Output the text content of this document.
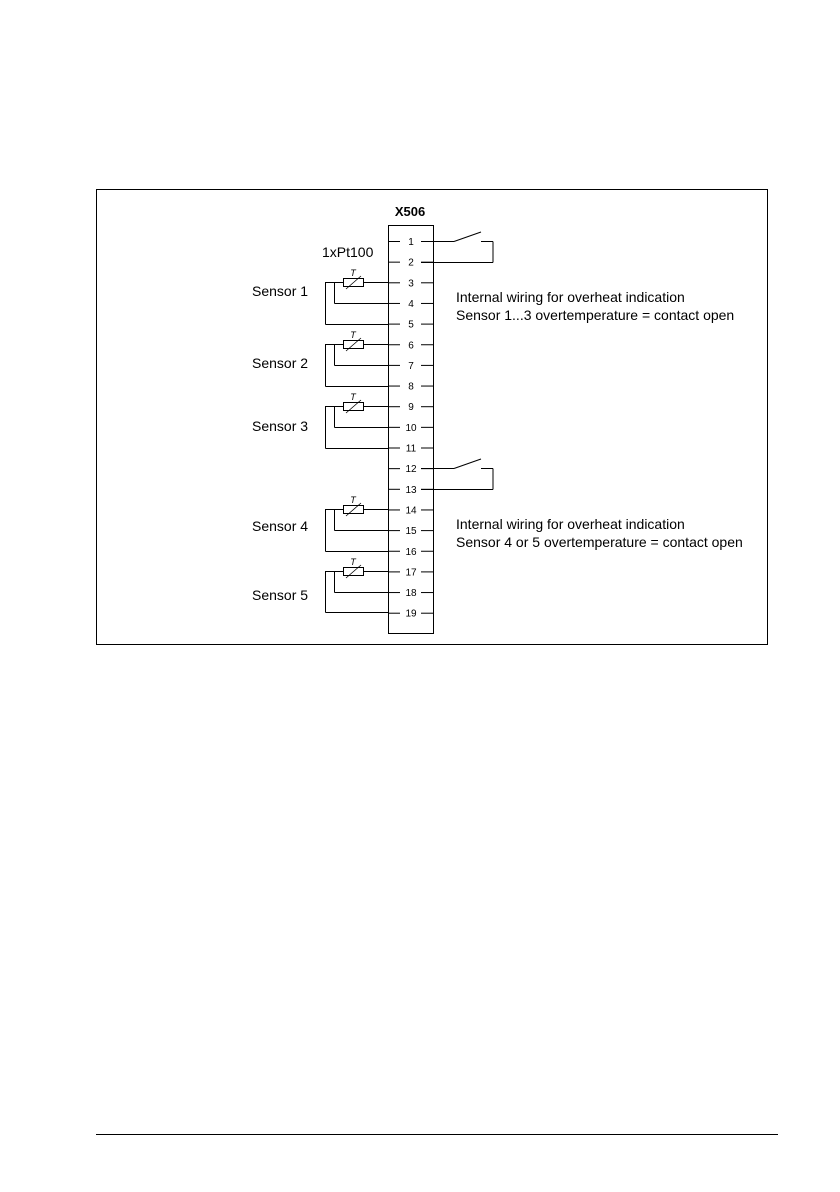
X506
1
2
3
4
5
6
7
8
9
10
11
12
13
14
15
16
17
18
19
1xPt100
T
Sensor 1
T
Sensor 2
T
Sensor 3
T
Sensor 4
T
Sensor 5
Internal wiring for overheat indication
Sensor 1...3 overtemperature = contact open
Internal wiring for overheat indication
Sensor 4 or 5 overtemperature = contact open
